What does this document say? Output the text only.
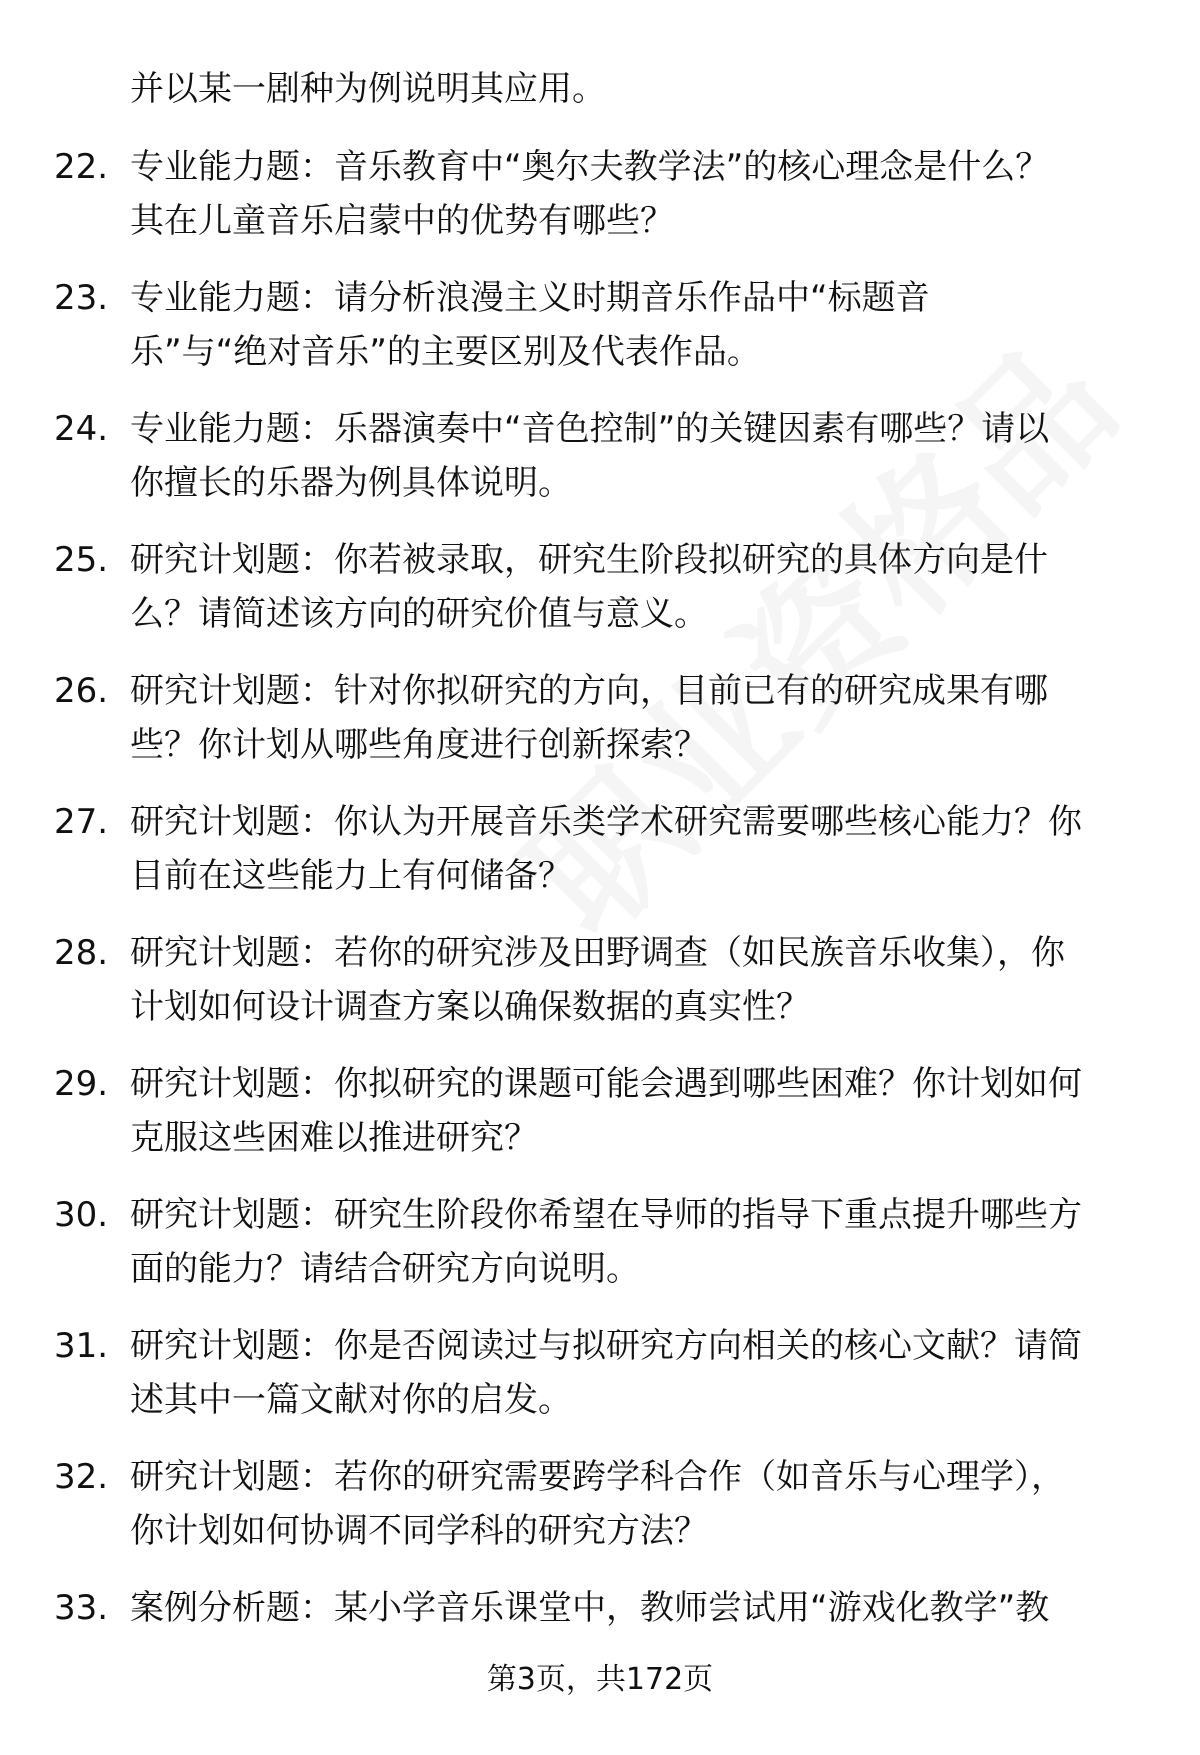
并以某一剧种为例说明其应用。

22. 专业能力题：音乐教育中“奥尔夫教学法”的核心理念是什么？
其在儿童音乐启蒙中的优势有哪些？
23. 专业能力题：请分析浪漫主义时期音乐作品中“标题音
乐”与“绝对音乐”的主要区别及代表作品。
24. 专业能力题：乐器演奏中“音色控制”的关键因素有哪些？请以
你擅长的乐器为例具体说明。
25. 研究计划题：你若被录取，研究生阶段拟研究的具体方向是什
么？请简述该方向的研究价值与意义。
26. 研究计划题：针对你拟研究的方向，目前已有的研究成果有哪
些？你计划从哪些角度进行创新探索？
27. 研究计划题：你认为开展音乐类学术研究需要哪些核心能力？你
目前在这些能力上有何储备？
28. 研究计划题：若你的研究涉及田野调查（如民族音乐收集），你
计划如何设计调查方案以确保数据的真实性？
29. 研究计划题：你拟研究的课题可能会遇到哪些困难？你计划如何
克服这些困难以推进研究？
30. 研究计划题：研究生阶段你希望在导师的指导下重点提升哪些方
面的能力？请结合研究方向说明。
31. 研究计划题：你是否阅读过与拟研究方向相关的核心文献？请简
述其中一篇文献对你的启发。
32. 研究计划题：若你的研究需要跨学科合作（如音乐与心理学），
你计划如何协调不同学科的研究方法？
33. 案例分析题：某小学音乐课堂中，教师尝试用“游戏化教学”教
第3页，共172页
